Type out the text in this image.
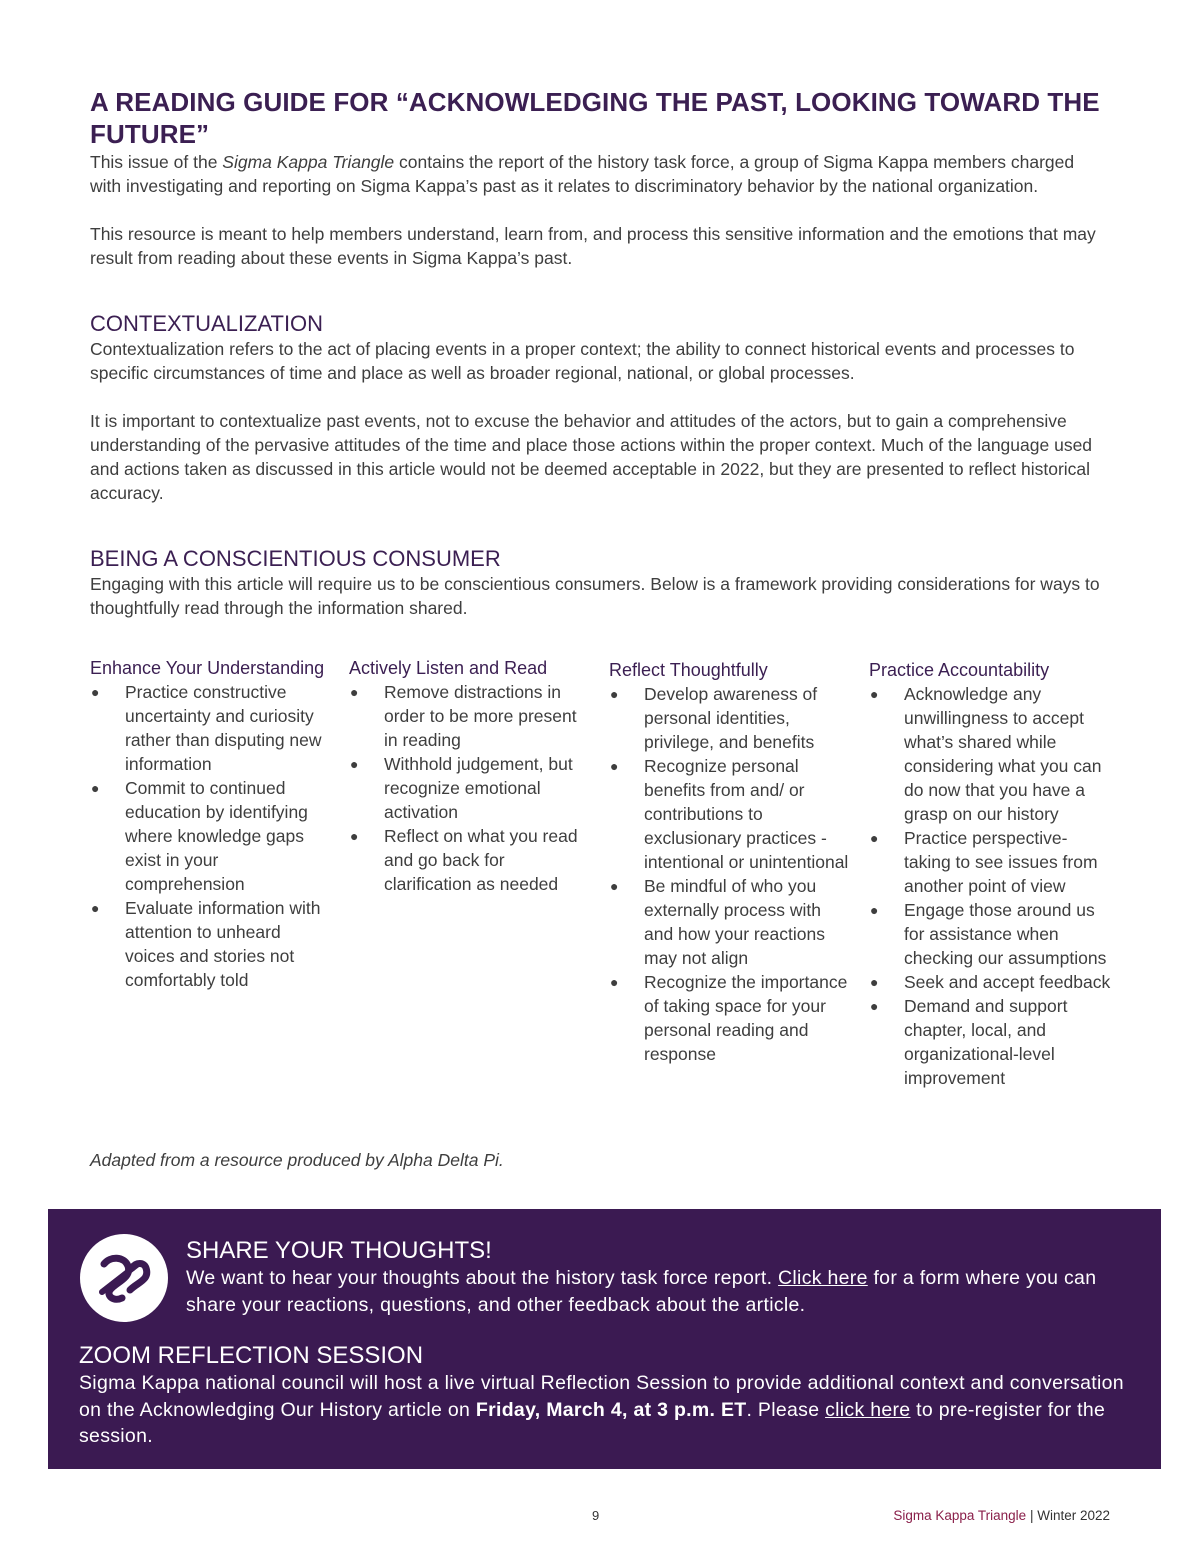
A READING GUIDE FOR “ACKNOWLEDGING THE PAST, LOOKING TOWARD THE FUTURE”

This issue of the Sigma Kappa Triangle contains the report of the history task force, a group of Sigma Kappa members charged with investigating and reporting on Sigma Kappa’s past as it relates to discriminatory behavior by the national organization.

This resource is meant to help members understand, learn from, and process this sensitive information and the emotions that may result from reading about these events in Sigma Kappa’s past.

CONTEXTUALIZATION

Contextualization refers to the act of placing events in a proper context; the ability to connect historical events and processes to specific circumstances of time and place as well as broader regional, national, or global processes.

It is important to contextualize past events, not to excuse the behavior and attitudes of the actors, but to gain a comprehensive understanding of the pervasive attitudes of the time and place those actions within the proper context. Much of the language used and actions taken as discussed in this article would not be deemed acceptable in 2022, but they are presented to reflect historical accuracy.

BEING A CONSCIENTIOUS CONSUMER

Engaging with this article will require us to be conscientious consumers. Below is a framework providing considerations for ways to thoughtfully read through the information shared.

Enhance Your Understanding
● Practice constructive uncertainty and curiosity rather than disputing new information
● Commit to continued education by identifying where knowledge gaps exist in your comprehension
● Evaluate information with attention to unheard voices and stories not comfortably told
Actively Listen and Read
● Remove distractions in order to be more present in reading
● Withhold judgement, but recognize emotional activation
● Reflect on what you read and go back for clarification as needed
Reflect Thoughtfully
● Develop awareness of personal identities, privilege, and benefits
● Recognize personal benefits from and/ or contributions to exclusionary practices - intentional or unintentional
● Be mindful of who you externally process with and how your reactions may not align
● Recognize the importance of taking space for your personal reading and response
Practice Accountability
● Acknowledge any unwillingness to accept what’s shared while considering what you can do now that you have a grasp on our history
● Practice perspective-taking to see issues from another point of view
● Engage those around us for assistance when checking our assumptions
● Seek and accept feedback
● Demand and support chapter, local, and organizational-level improvement
Adapted from a resource produced by Alpha Delta Pi.
SHARE YOUR THOUGHTS!
We want to hear your thoughts about the history task force report. Click here for a form where you can share your reactions, questions, and other feedback about the article.
ZOOM REFLECTION SESSION
Sigma Kappa national council will host a live virtual Reflection Session to provide additional context and conversation on the Acknowledging Our History article on Friday, March 4, at 3 p.m. ET. Please click here to pre-register for the session.
9	Sigma Kappa Triangle | Winter 2022
